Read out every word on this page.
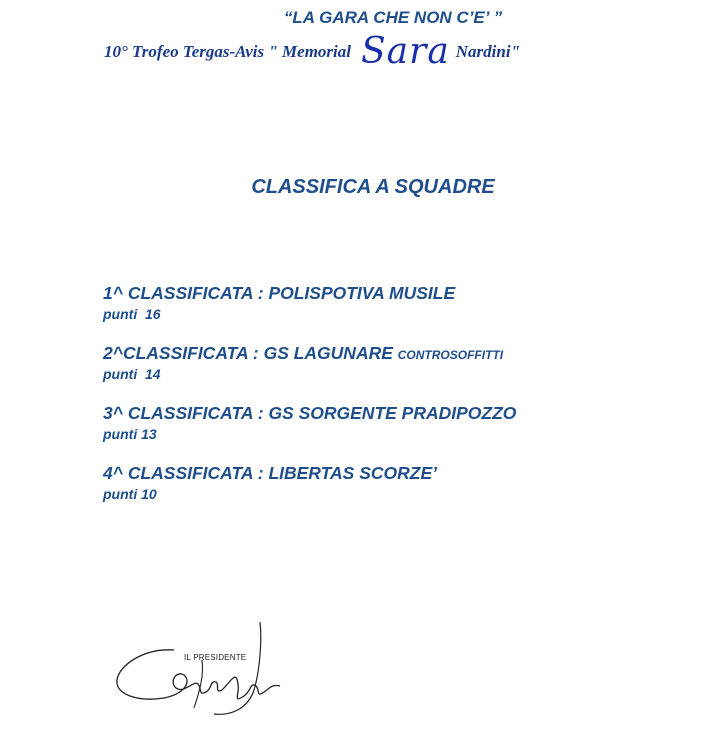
“LA GARA CHE NON C’E’ ”
10° Trofeo Tergas-Avis " Memorial Sara Nardini"
CLASSIFICA A SQUADRE
1^ CLASSIFICATA : POLISPOTIVA MUSILE
punti  16
2^CLASSIFICATA : GS LAGUNARE CONTROSOFFITTI
punti  14
3^ CLASSIFICATA : GS SORGENTE PRADIPOZZO
punti 13
4^ CLASSIFICATA : LIBERTAS SCORZE’
punti 10
IL PRESIDENTE
